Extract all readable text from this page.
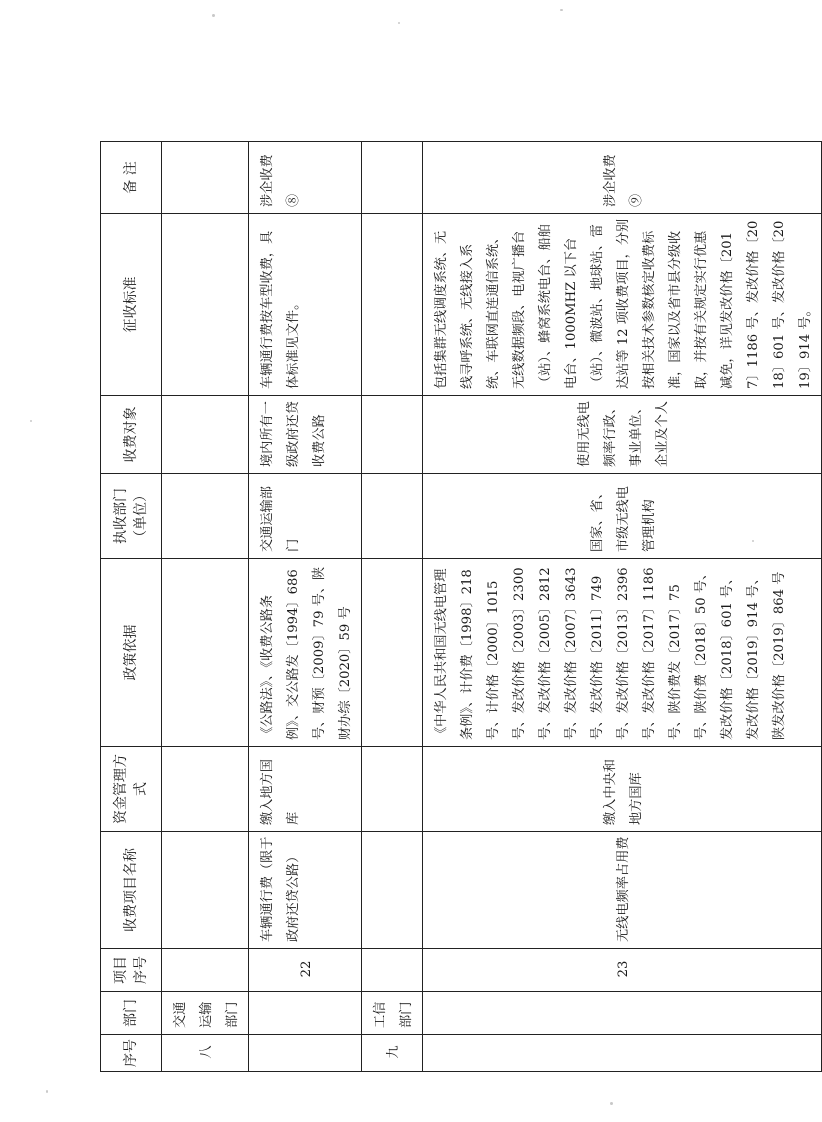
序号	部门	项目序号	收费项目名称	资金管理方式	政策依据	执收部门（单位）	收费对象	征收标准	备 注
八	交通运输部门								
		22	车辆通行费（限于政府还贷公路）	缴入地方国库	《公路法》、《收费公路条例》、交公路发〔1994〕686 号、财预〔2009〕79 号、陕财办综〔2020〕59 号	交通运输部门	境内所有一级政府还贷收费公路	车辆通行费按车型收费，具体标准见文件。	涉企收费⑧
九	工信部门								
		23	无线电频率占用费	缴入中央和地方国库	《中华人民共和国无线电管理条例》、计价费〔1998〕218 号、计价格〔2000〕1015 号、发改价格〔2003〕2300 号、发改价格〔2005〕2812 号、发改价格〔2007〕3643 号、发改价格〔2011〕749 号、发改价格〔2013〕2396 号、发改价格〔2017〕1186 号、陕价费发〔2017〕75 号、陕价费〔2018〕50 号、发改价格〔2018〕601 号、发改价格〔2019〕914 号、陕发改价格〔2019〕864 号	国家、省、市级无线电管理机构	使用无线电频率行政、事业单位、企业及个人	包括集群无线调度系统、无线寻呼系统、无线接入系统、车联网直连通信系统、无线数据频段、电视广播台（站）、蜂窝系统电台、船舶电台、1000MHZ 以下台（站）、微波站、地球站、雷达站等 12 项收费项目，分别按相关技术参数核定收费标准，国家以及省市县分级收取，并按有关规定实行优惠减免，详见发改价格〔2017〕1186 号、发改价格〔2018〕601 号、发改价格〔2019〕914 号。	涉企收费⑨
